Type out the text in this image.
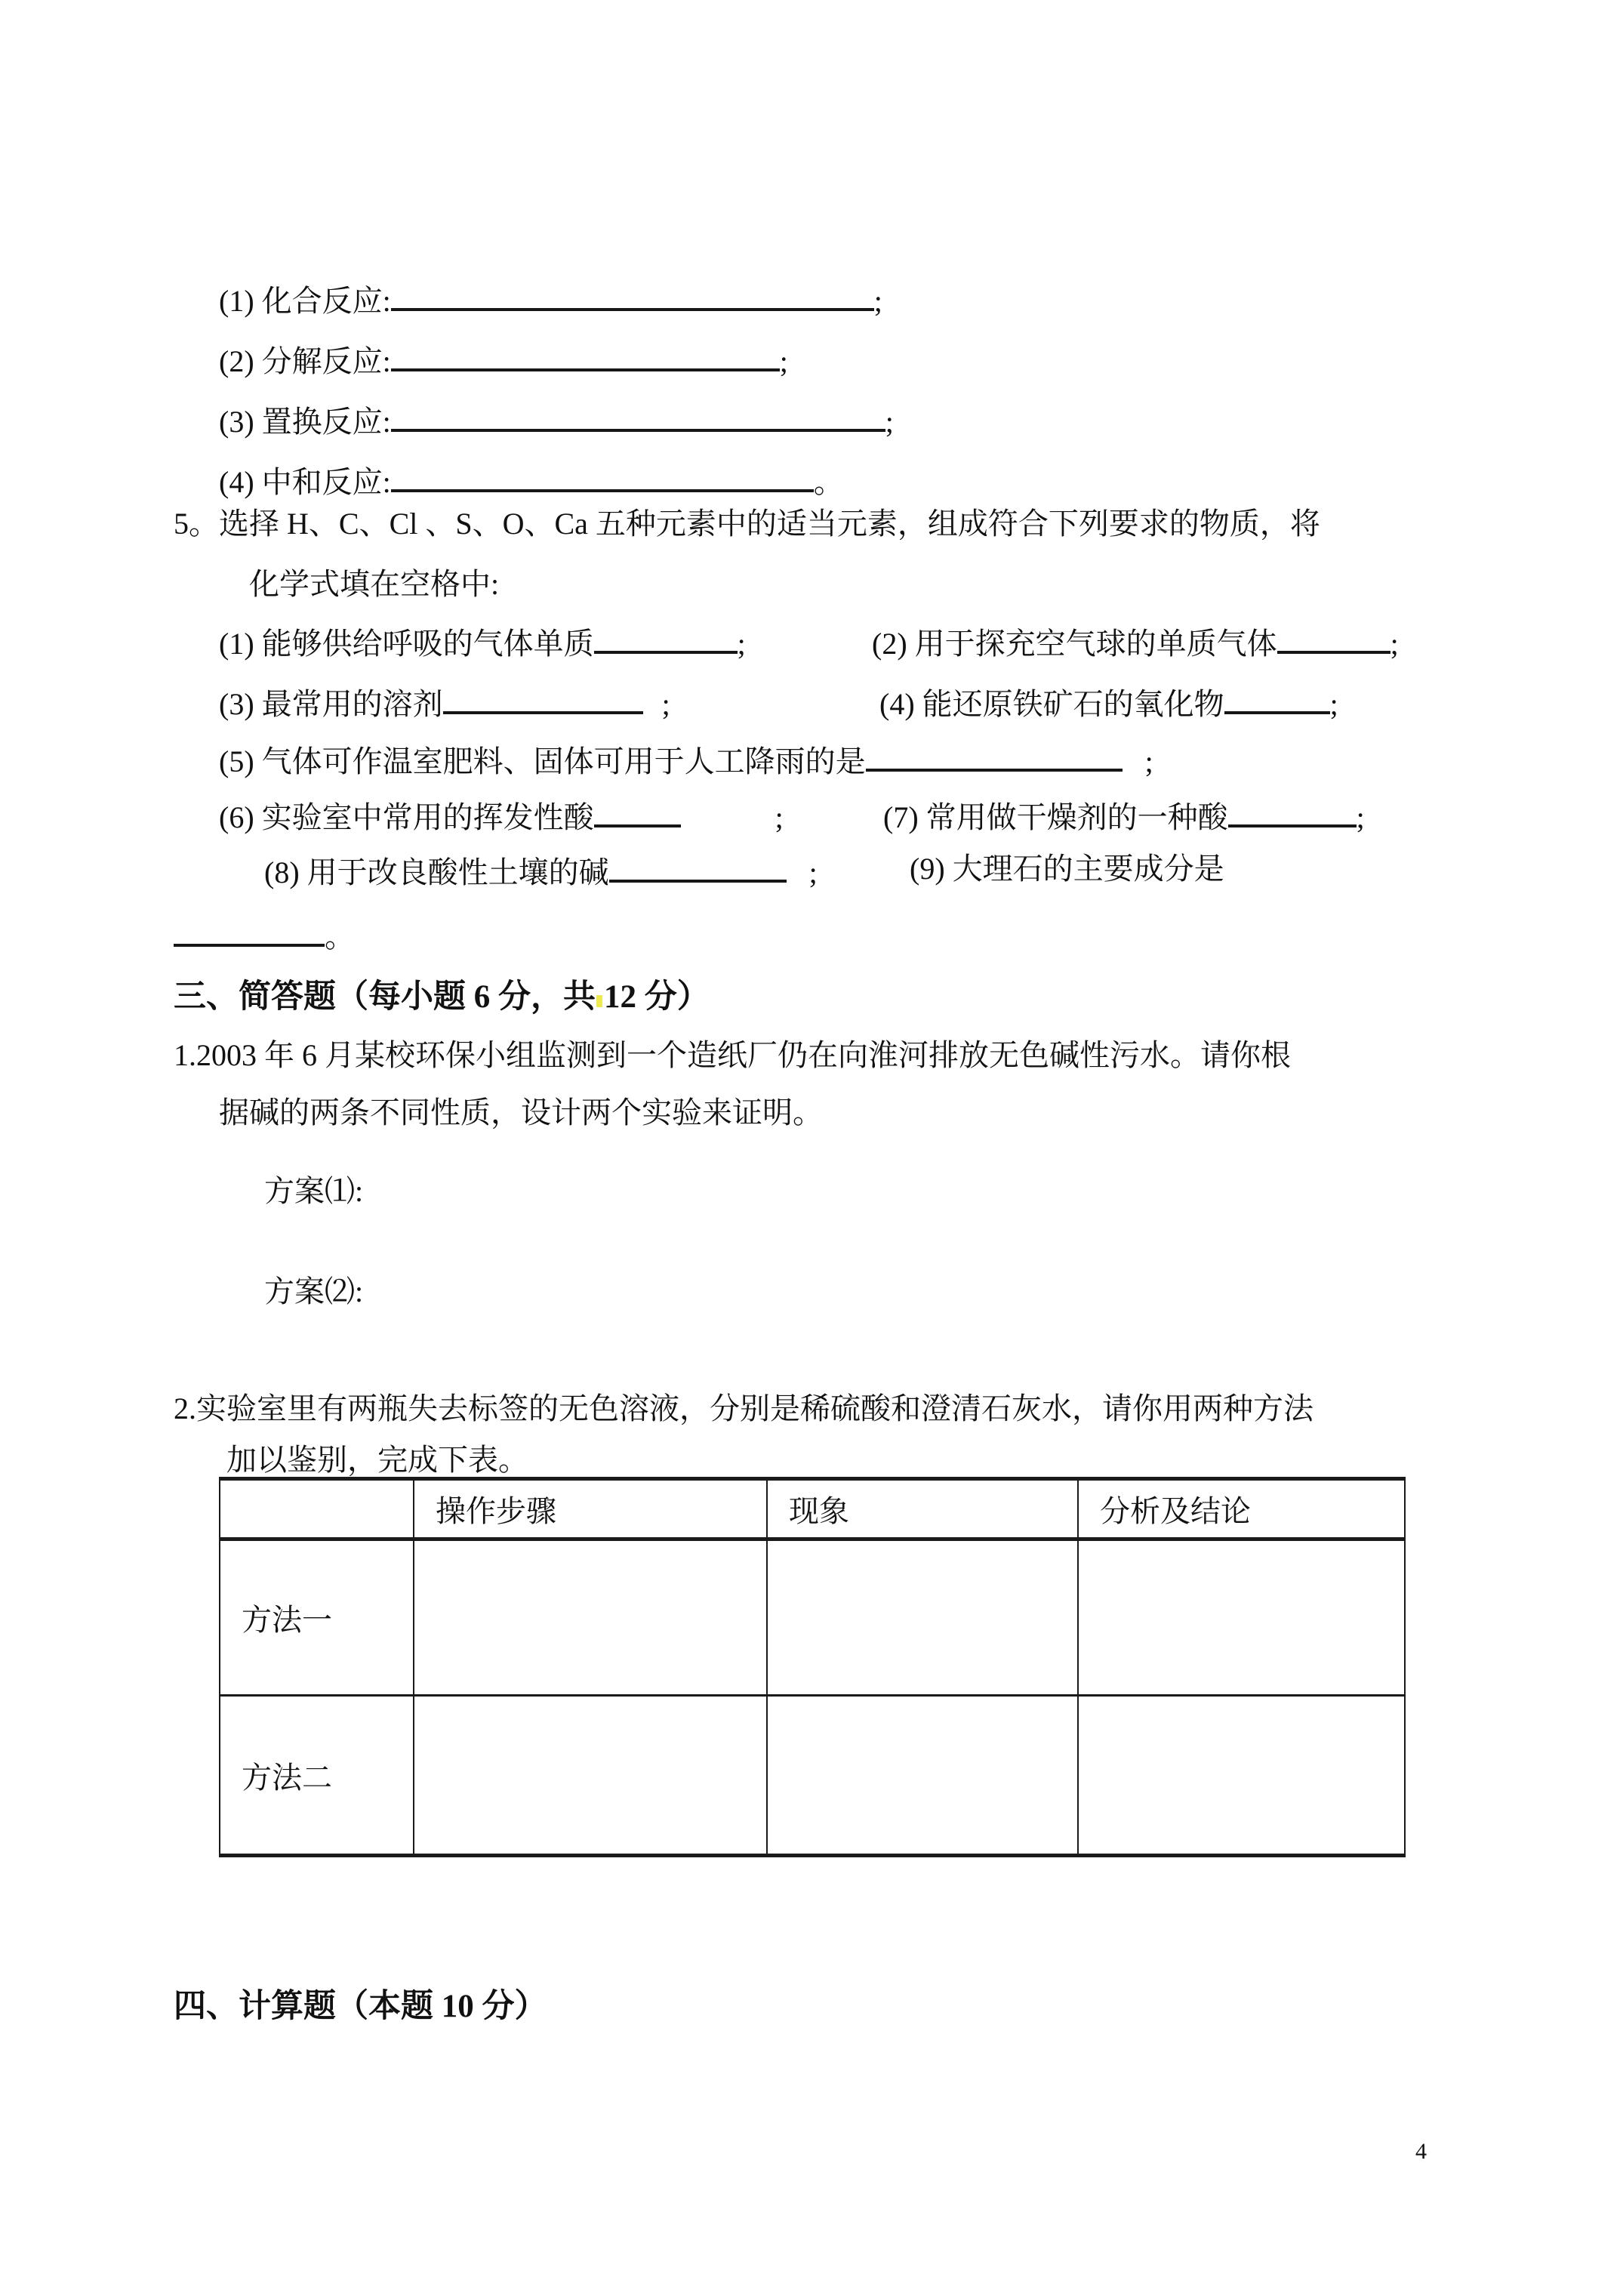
(1) 化合反应:	;
(2) 分解反应:	;
(3) 置换反应:	;
(4) 中和反应:	。
5。选择 H、C、Cl 、S、O、Ca 五种元素中的适当元素，组成符合下列要求的物质，将
化学式填在空格中:
(1) 能够供给呼吸的气体单质	;	(2) 用于探充空气球的单质气体	;
(3) 最常用的溶剂	;	(4) 能还原铁矿石的氧化物	;
(5) 气体可作温室肥料、固体可用于人工降雨的是	;
(6) 实验室中常用的挥发性酸	;	(7) 常用做干燥剂的一种酸	;
(8) 用于改良酸性土壤的碱	;	(9) 大理石的主要成分是
。
三、简答题（每小题 6 分，共 12 分）
1.2003 年 6 月某校环保小组监测到一个造纸厂仍在向淮河排放无色碱性污水。请你根
据碱的两条不同性质，设计两个实验来证明。
方案⑴:
方案⑵:
2.实验室里有两瓶失去标签的无色溶液，分别是稀硫酸和澄清石灰水，请你用两种方法
加以鉴别，完成下表。
	操作步骤	现象	分析及结论
方法一			
方法二			
四、计算题（本题 10 分）
4
